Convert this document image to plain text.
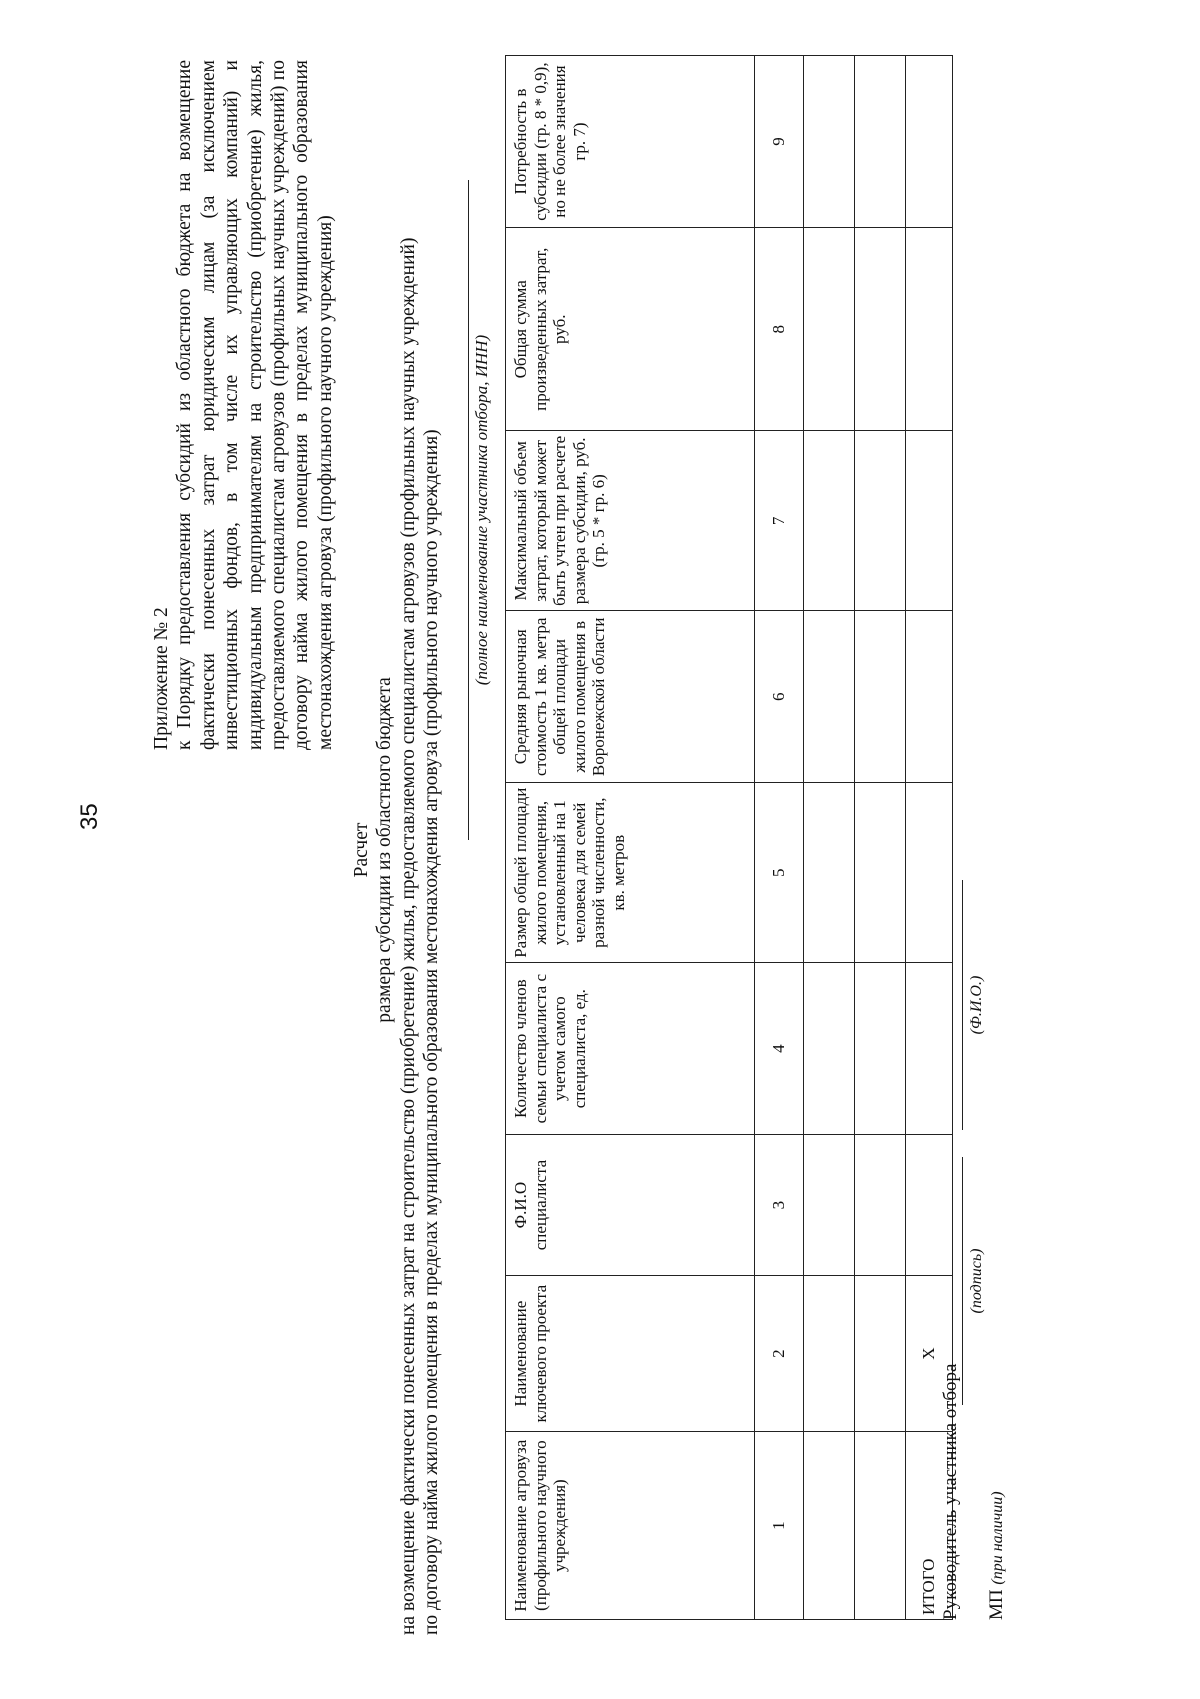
35
Приложение № 2 к Порядку предоставления субсидий из областного бюджета на возмещение фактически понесенных затрат юридическим лицам (за исключением инвестиционных фондов, в том числе их управляющих компаний) и индивидуальным предпринимателям на строительство (приобретение) жилья, предоставляемого специалистам агровузов (профильных научных учреждений) по договору найма жилого помещения в пределах муниципального образования местонахождения агровуза (профильного научного учреждения)
Расчет размера субсидии из областного бюджета на возмещение фактически понесенных затрат на строительство (приобретение) жилья, предоставляемого специалистам агровузов (профильных научных учреждений) по договору найма жилого помещения в пределах муниципального образования местонахождения агровуза (профильного научного учреждения) (полное наименование участника отбора, ИНН)
Наименование агровуза (профильного научного учреждения)	Наименование ключевого проекта	Ф.И.О специалиста	Количество членов семьи специалиста с учетом самого специалиста, ед.	Размер общей площади жилого помещения, установленный на 1 человека для семей разной численности, кв. метров	Средняя рыночная стоимость 1 кв. метра общей площади жилого помещения в Воронежской области	Максимальный объем затрат, который может быть учтен при расчете размера субсидии, руб. (гр. 5 * гр. 6)	Общая сумма произведенных затрат, руб.	Потребность в субсидии (гр. 8 * 0,9), но не более значения гр. 7)
1	2	3	4	5	6	7	8	9

ИТОГО	Х							
Руководитель участника отбора
(подпись)
(Ф.И.О.)
МП (при наличии)
